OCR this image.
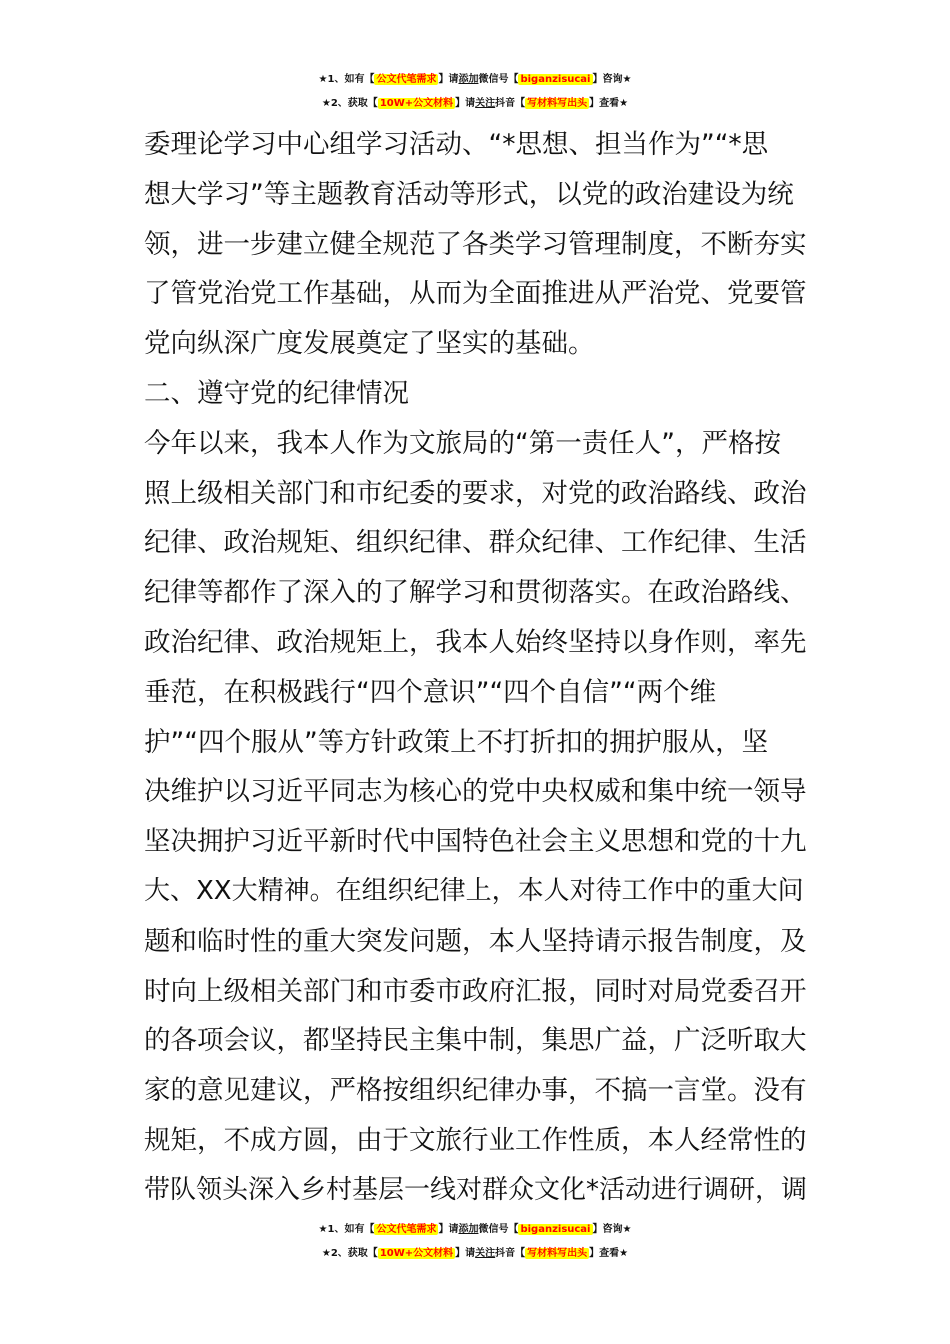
★1、如有【 公文代笔需求 】请添加微信号【 biganzisucai 】咨询★
★2、获取【 10W+公文材料 】请关注抖音【 写材料写出头 】查看★
委理论学习中心组学习活动、“*思想、担当作为”“*思
想大学习”等主题教育活动等形式，以党的政治建设为统
领，进一步建立健全规范了各类学习管理制度，不断夯实
了管党治党工作基础，从而为全面推进从严治党、党要管
党向纵深广度发展奠定了坚实的基础。
二、遵守党的纪律情况
今年以来，我本人作为文旅局的“第一责任人”，严格按
照上级相关部门和市纪委的要求，对党的政治路线、政治
纪律、政治规矩、组织纪律、群众纪律、工作纪律、生活
纪律等都作了深入的了解学习和贯彻落实。在政治路线、
政治纪律、政治规矩上，我本人始终坚持以身作则，率先
垂范，在积极践行“四个意识”“四个自信”“两个维
护”“四个服从”等方针政策上不打折扣的拥护服从，坚
决维护以习近平同志为核心的党中央权威和集中统一领导
坚决拥护习近平新时代中国特色社会主义思想和党的十九
大、XX大精神。在组织纪律上，本人对待工作中的重大问
题和临时性的重大突发问题，本人坚持请示报告制度，及
时向上级相关部门和市委市政府汇报，同时对局党委召开
的各项会议，都坚持民主集中制，集思广益，广泛听取大
家的意见建议，严格按组织纪律办事，不搞一言堂。没有
规矩，不成方圆，由于文旅行业工作性质，本人经常性的
带队领头深入乡村基层一线对群众文化*活动进行调研，调
★1、如有【 公文代笔需求 】请添加微信号【 biganzisucai 】咨询★
★2、获取【 10W+公文材料 】请关注抖音【 写材料写出头 】查看★
